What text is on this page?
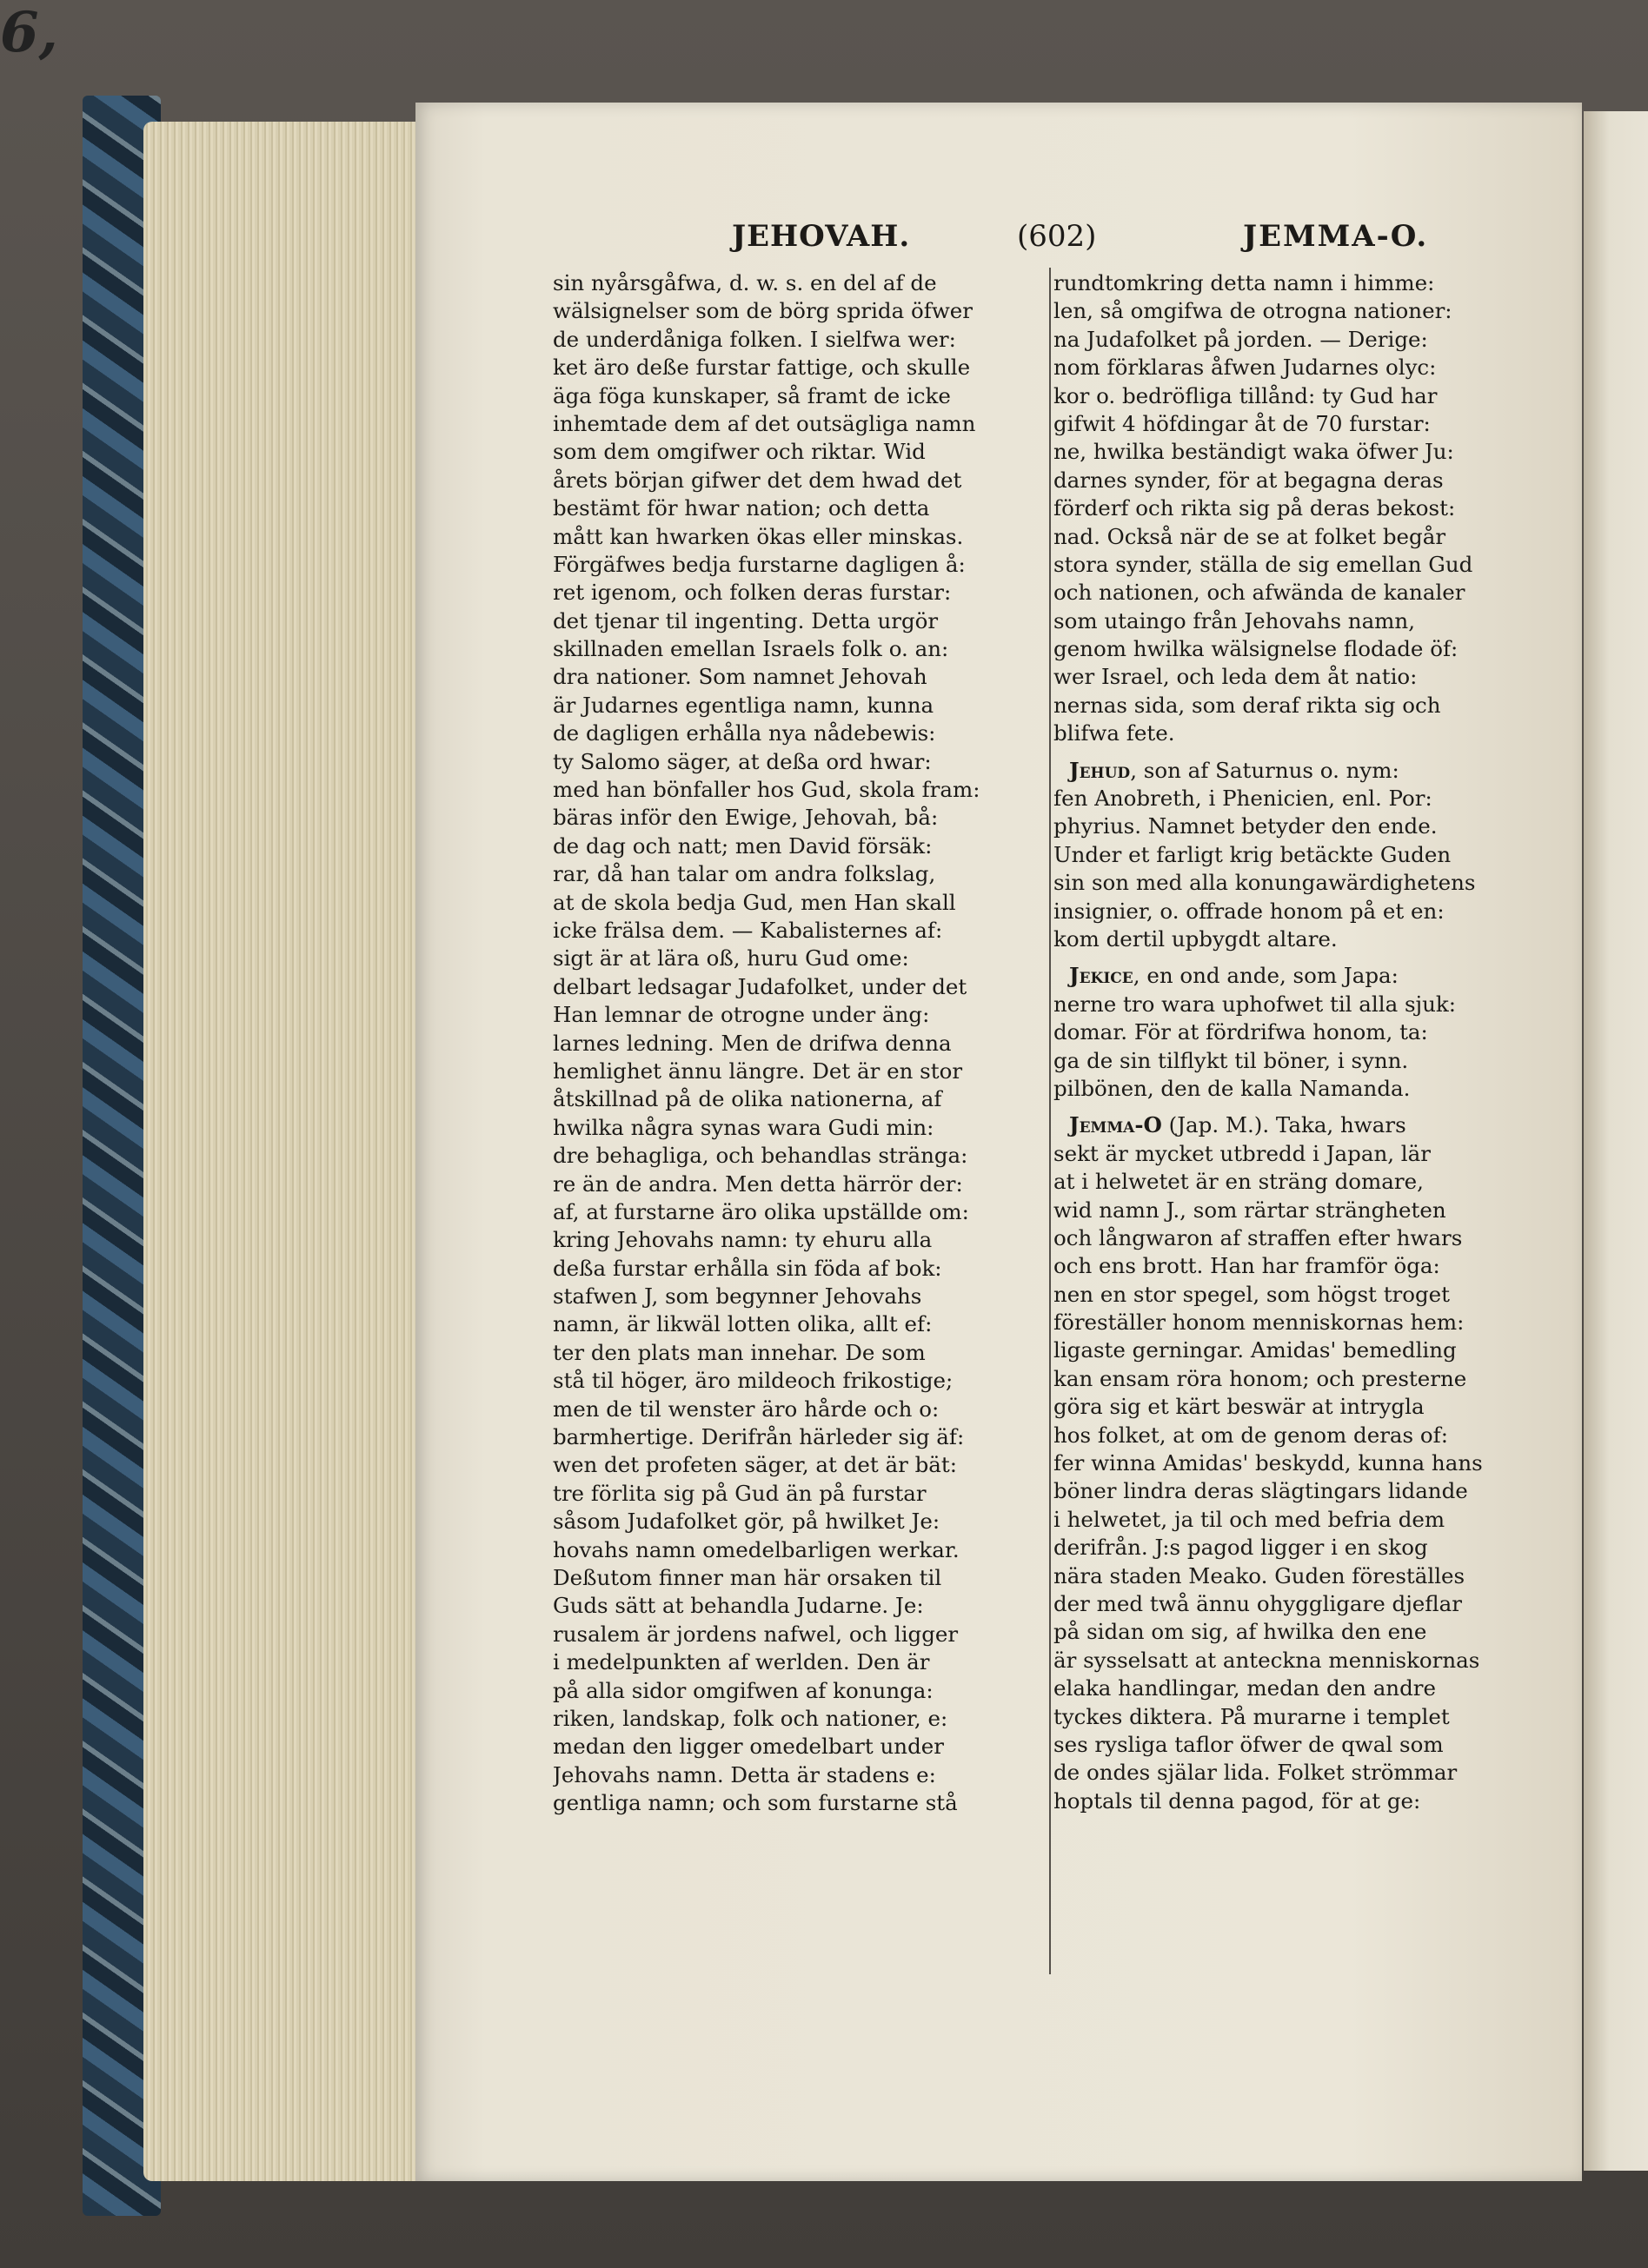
6,
JEHOVAH.	(602)	JEMMA-O.
sin nyårsgåfwa, d. w. s. en del af de
wälsignelser som de börg sprida öfwer
de underdåniga folken. I sielfwa wer:
ket äro deße furstar fattige, och skulle
äga föga kunskaper, så framt de icke
inhemtade dem af det outsägliga namn
som dem omgifwer och riktar. Wid
årets början gifwer det dem hwad det
bestämt för hwar nation; och detta
mått kan hwarken ökas eller minskas.
Förgäfwes bedja furstarne dagligen å:
ret igenom, och folken deras furstar:
det tjenar til ingenting. Detta urgör
skillnaden emellan Israels folk o. an:
dra nationer. Som namnet Jehovah
är Judarnes egentliga namn, kunna
de dagligen erhålla nya nådebewis:
ty Salomo säger, at deßa ord hwar:
med han bönfaller hos Gud, skola fram:
bäras inför den Ewige, Jehovah, bå:
de dag och natt; men David försäk:
rar, då han talar om andra folkslag,
at de skola bedja Gud, men Han skall
icke frälsa dem. — Kabalisternes af:
sigt är at lära oß, huru Gud ome:
delbart ledsagar Judafolket, under det
Han lemnar de otrogne under äng:
larnes ledning. Men de drifwa denna
hemlighet ännu längre. Det är en stor
åtskillnad på de olika nationerna, af
hwilka några synas wara Gudi min:
dre behagliga, och behandlas stränga:
re än de andra. Men detta härrör der:
af, at furstarne äro olika upställde om:
kring Jehovahs namn: ty ehuru alla
deßa furstar erhålla sin föda af bok:
stafwen J, som begynner Jehovahs
namn, är likwäl lotten olika, allt ef:
ter den plats man innehar. De som
stå til höger, äro mildeoch frikostige;
men de til wenster äro hårde och o:
barmhertige. Derifrån härleder sig äf:
wen det profeten säger, at det är bät:
tre förlita sig på Gud än på furstar
såsom Judafolket gör, på hwilket Je:
hovahs namn omedelbarligen werkar.
Deßutom finner man här orsaken til
Guds sätt at behandla Judarne. Je:
rusalem är jordens nafwel, och ligger
i medelpunkten af werlden. Den är
på alla sidor omgifwen af konunga:
riken, landskap, folk och nationer, e:
medan den ligger omedelbart under
Jehovahs namn. Detta är stadens e:
gentliga namn; och som furstarne stå
rundtomkring detta namn i himme:
len, så omgifwa de otrogna nationer:
na Judafolket på jorden. — Derige:
nom förklaras åfwen Judarnes olyc:
kor o. bedröfliga tillånd: ty Gud har
gifwit 4 höfdingar åt de 70 furstar:
ne, hwilka beständigt waka öfwer Ju:
darnes synder, för at begagna deras
förderf och rikta sig på deras bekost:
nad. Också när de se at folket begår
stora synder, ställa de sig emellan Gud
och nationen, och afwända de kanaler
som utaingo från Jehovahs namn,
genom hwilka wälsignelse flodade öf:
wer Israel, och leda dem åt natio:
nernas sida, som deraf rikta sig och
blifwa fete.
Jehud, son af Saturnus o. nym:
fen Anobreth, i Phenicien, enl. Por:
phyrius. Namnet betyder den ende.
Under et farligt krig betäckte Guden
sin son med alla konungawärdighetens
insignier, o. offrade honom på et en:
kom dertil upbygdt altare.
Jekice, en ond ande, som Japa:
nerne tro wara uphofwet til alla sjuk:
domar. För at fördrifwa honom, ta:
ga de sin tilflykt til böner, i synn.
pilbönen, den de kalla Namanda.
Jemma-O (Jap. M.). Taka, hwars
sekt är mycket utbredd i Japan, lär
at i helwetet är en sträng domare,
wid namn J., som rärtar strängheten
och långwaron af straffen efter hwars
och ens brott. Han har framför öga:
nen en stor spegel, som högst troget
föreställer honom menniskornas hem:
ligaste gerningar. Amidas' bemedling
kan ensam röra honom; och presterne
göra sig et kärt beswär at intrygla
hos folket, at om de genom deras of:
fer winna Amidas' beskydd, kunna hans
böner lindra deras slägtingars lidande
i helwetet, ja til och med befria dem
derifrån. J:s pagod ligger i en skog
nära staden Meako. Guden föreställes
der med twå ännu ohyggligare djeflar
på sidan om sig, af hwilka den ene
är sysselsatt at anteckna menniskornas
elaka handlingar, medan den andre
tyckes diktera. På murarne i templet
ses rysliga taflor öfwer de qwal som
de ondes själar lida. Folket strömmar
hoptals til denna pagod, för at ge:
